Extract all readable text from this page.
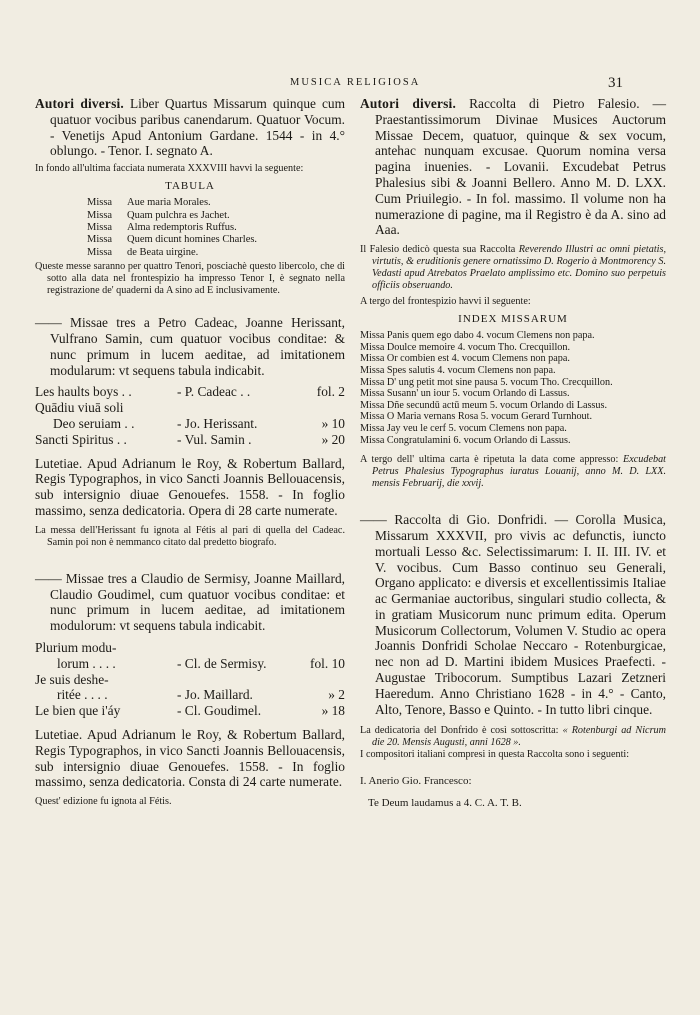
MUSICA RELIGIOSA	31

Autori diversi. Liber Quartus Missarum quinque cum quatuor vocibus paribus canendarum. Quatuor Vocum. - Venetijs Apud Antonium Gardane. 1544 - in 4.° oblungo. - Tenor. I. segnato A.

In fondo all'ultima facciata numerata XXXVIII havvi la seguente:

TABULA
Missa	Aue maria Morales.
Missa	Quam pulchra es Jachet.
Missa	Alma redemptoris Ruffus.
Missa	Quem dicunt homines Charles.
Missa	de Beata uirgine.

Queste messe saranno per quattro Tenori, posciachè questo libercolo, che di sotto alla data nel frontespizio ha impresso Tenor I, è segnato nella registrazione de' quaderni da A sino ad E inclusivamente.

—— Missae tres a Petro Cadeac, Joanne Herissant, Vulfrano Samin, cum quatuor vocibus conditae: & nunc primum in lucem aeditae, ad imitationem modularum: vt sequens tabula indicabit.

Les haults boys . .	- P. Cadeac . .	fol. 2
Quādiu viuā soli
Deo seruiam . .	- Jo. Herissant.	» 10
Sancti Spiritus . .	- Vul. Samin .	» 20

Lutetiae. Apud Adrianum le Roy, & Robertum Ballard, Regis Typographos, in vico Sancti Joannis Bellouacensis, sub intersignio diuae Genouefes. 1558. - In foglio massimo, senza dedicatoria. Opera di 28 carte numerate.

La messa dell'Herissant fu ignota al Fétis al pari di quella del Cadeac. Samin poi non è nemmanco citato dal predetto biografo.

—— Missae tres a Claudio de Sermisy, Joanne Maillard, Claudio Goudimel, cum quatuor vocibus conditae: et nunc primum in lucem aeditae, ad imitationem modulorum: vt sequens tabula indicabit.

Plurium modu-
lorum . . . .	- Cl. de Sermisy.	fol. 10
Je suis deshe-
ritée . . . .	- Jo. Maillard.	» 2
Le bien que i'áy	- Cl. Goudimel.	» 18

Lutetiae. Apud Adrianum le Roy, & Robertum Ballard, Regis Typographos, in vico Sancti Joannis Bellouacensis, sub intersignio diuae Genouefes. 1558. - In foglio massimo, senza dedicatoria. Consta di 24 carte numerate.

Quest' edizione fu ignota al Fétis.

Autori diversi. Raccolta di Pietro Falesio. — Praestantissimorum Divinae Musices Auctorum Missae Decem, quatuor, quinque & sex vocum, antehac nunquam excusae. Quorum nomina versa pagina inuenies. - Lovanii. Excudebat Petrus Phalesius sibi & Joanni Bellero. Anno M. D. LXX. Cum Priuilegio. - In fol. massimo. Il volume non ha numerazione di pagine, ma il Registro è da A. sino ad Aaa.

Il Falesio dedicò questa sua Raccolta Reverendo Illustri ac omni pietatis, virtutis, & eruditionis genere ornatissimo D. Rogerio à Montmorency S. Vedasti apud Atrebatos Praelato amplissimo etc. Domino suo perpetuis officiis obseruando.

A tergo del frontespizio havvi il seguente:

INDEX MISSARUM
Missa Panis quem ego dabo 4. vocum Clemens non papa.
Missa Doulce memoire 4. vocum Tho. Crecquillon.
Missa Or combien est 4. vocum Clemens non papa.
Missa Spes salutis 4. vocum Clemens non papa.
Missa D' ung petit mot sine pausa 5. vocum Tho. Crecquillon.
Missa Susann' un iour 5. vocum Orlando di Lassus.
Missa Dñe secundū actū meum 5. vocum Orlando di Lassus.
Missa O Maria vernans Rosa 5. vocum Gerard Turnhout.
Missa Jay veu le cerf 5. vocum Clemens non papa.
Missa Congratulamini 6. vocum Orlando di Lassus.

A tergo dell' ultima carta è ripetuta la data come appresso: Excudebat Petrus Phalesius Typographus iuratus Louanij, anno M. D. LXX. mensis Februarij, die xxvij.

—— Raccolta di Gio. Donfridi. — Corolla Musica, Missarum XXXVII, pro vivis ac defunctis, iuncto mortuali Lesso &c. Selectissimarum: I. II. III. IV. et V. vocibus. Cum Basso continuo seu Generali, Organo applicato: e diversis et excellentissimis Italiae ac Germaniae auctoribus, singulari studio collecta, & in gratiam Musicorum nunc primum edita. Operum Musicorum Collectorum, Volumen V. Studio ac opera Joannis Donfridi Scholae Neccaro - Rotenburgicae, nec non ad D. Martini ibidem Musices Praefecti. - Augustae Tribocorum. Sumptibus Lazari Zetzneri Haeredum. Anno Christiano 1628 - in 4.° - Canto, Alto, Tenore, Basso e Quinto. - In tutto libri cinque.

La dedicatoria del Donfrido è così sottoscritta: « Rotenburgi ad Nicrum die 20. Mensis Augusti, anni 1628 ».

I compositori italiani compresi in questa Raccolta sono i seguenti:

I. Anerio Gio. Francesco:

Te Deum laudamus a 4. C. A. T. B.
